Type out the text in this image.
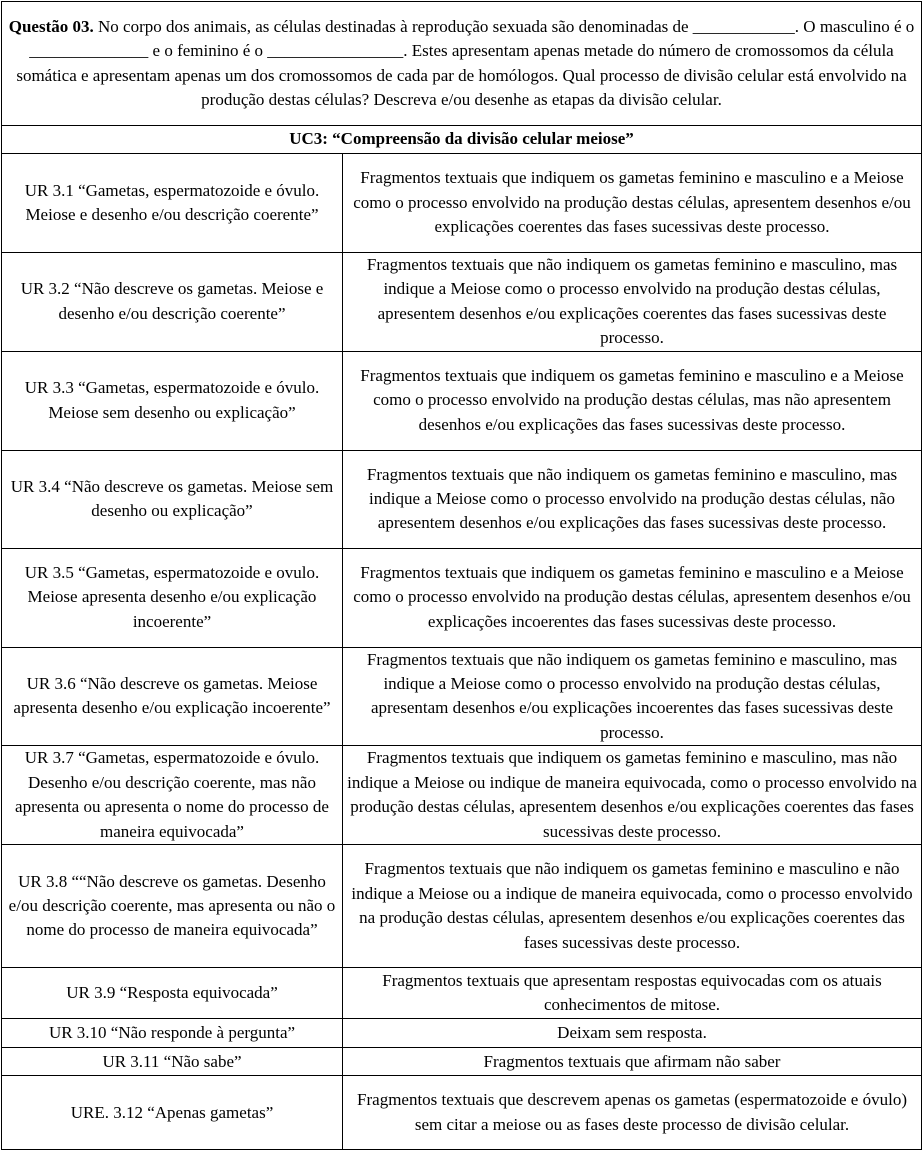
Questão 03. No corpo dos animais, as células destinadas à reprodução sexuada são denominadas de ____________. O masculino é o ______________ e o feminino é o ________________. Estes apresentam apenas metade do número de cromossomos da célula somática e apresentam apenas um dos cromossomos de cada par de homólogos. Qual processo de divisão celular está envolvido na produção destas células? Descreva e/ou desenhe as etapas da divisão celular.	
UC3: “Compreensão da divisão celular meiose”	
UR 3.1 “Gametas, espermatozoide e óvulo. Meiose e desenho e/ou descrição coerente”	Fragmentos textuais que indiquem os gametas feminino e masculino e a Meiose como o processo envolvido na produção destas células, apresentem desenhos e/ou explicações coerentes das fases sucessivas deste processo.
UR 3.2 “Não descreve os gametas. Meiose e desenho e/ou descrição coerente”	Fragmentos textuais que não indiquem os gametas feminino e masculino, mas indique a Meiose como o processo envolvido na produção destas células, apresentem desenhos e/ou explicações coerentes das fases sucessivas deste processo.
UR 3.3 “Gametas, espermatozoide e óvulo. Meiose sem desenho ou explicação”	Fragmentos textuais que indiquem os gametas feminino e masculino e a Meiose como o processo envolvido na produção destas células, mas não apresentem desenhos e/ou explicações das fases sucessivas deste processo.
UR 3.4 “Não descreve os gametas. Meiose sem desenho ou explicação”	Fragmentos textuais que não indiquem os gametas feminino e masculino, mas indique a Meiose como o processo envolvido na produção destas células, não apresentem desenhos e/ou explicações das fases sucessivas deste processo.
UR 3.5 “Gametas, espermatozoide e ovulo. Meiose apresenta desenho e/ou explicação incoerente”	Fragmentos textuais que indiquem os gametas feminino e masculino e a Meiose como o processo envolvido na produção destas células, apresentem desenhos e/ou explicações incoerentes das fases sucessivas deste processo.
UR 3.6 “Não descreve os gametas. Meiose apresenta desenho e/ou explicação incoerente”	Fragmentos textuais que não indiquem os gametas feminino e masculino, mas indique a Meiose como o processo envolvido na produção destas células, apresentam desenhos e/ou explicações incoerentes das fases sucessivas deste processo.
UR 3.7 “Gametas, espermatozoide e óvulo. Desenho e/ou descrição coerente, mas não apresenta ou apresenta o nome do processo de maneira equivocada”	Fragmentos textuais que indiquem os gametas feminino e masculino, mas não indique a Meiose ou indique de maneira equivocada, como o processo envolvido na produção destas células, apresentem desenhos e/ou explicações coerentes das fases sucessivas deste processo.
UR 3.8 ““Não descreve os gametas. Desenho e/ou descrição coerente, mas apresenta ou não o nome do processo de maneira equivocada”	Fragmentos textuais que não indiquem os gametas feminino e masculino e não indique a Meiose ou a indique de maneira equivocada, como o processo envolvido na produção destas células, apresentem desenhos e/ou explicações coerentes das fases sucessivas deste processo.
UR 3.9 “Resposta equivocada”	Fragmentos textuais que apresentam respostas equivocadas com os atuais conhecimentos de mitose.
UR 3.10 “Não responde à pergunta”	Deixam sem resposta.
UR 3.11 “Não sabe”	Fragmentos textuais que afirmam não saber
URE. 3.12 “Apenas gametas”	Fragmentos textuais que descrevem apenas os gametas (espermatozoide e óvulo) sem citar a meiose ou as fases deste processo de divisão celular.
